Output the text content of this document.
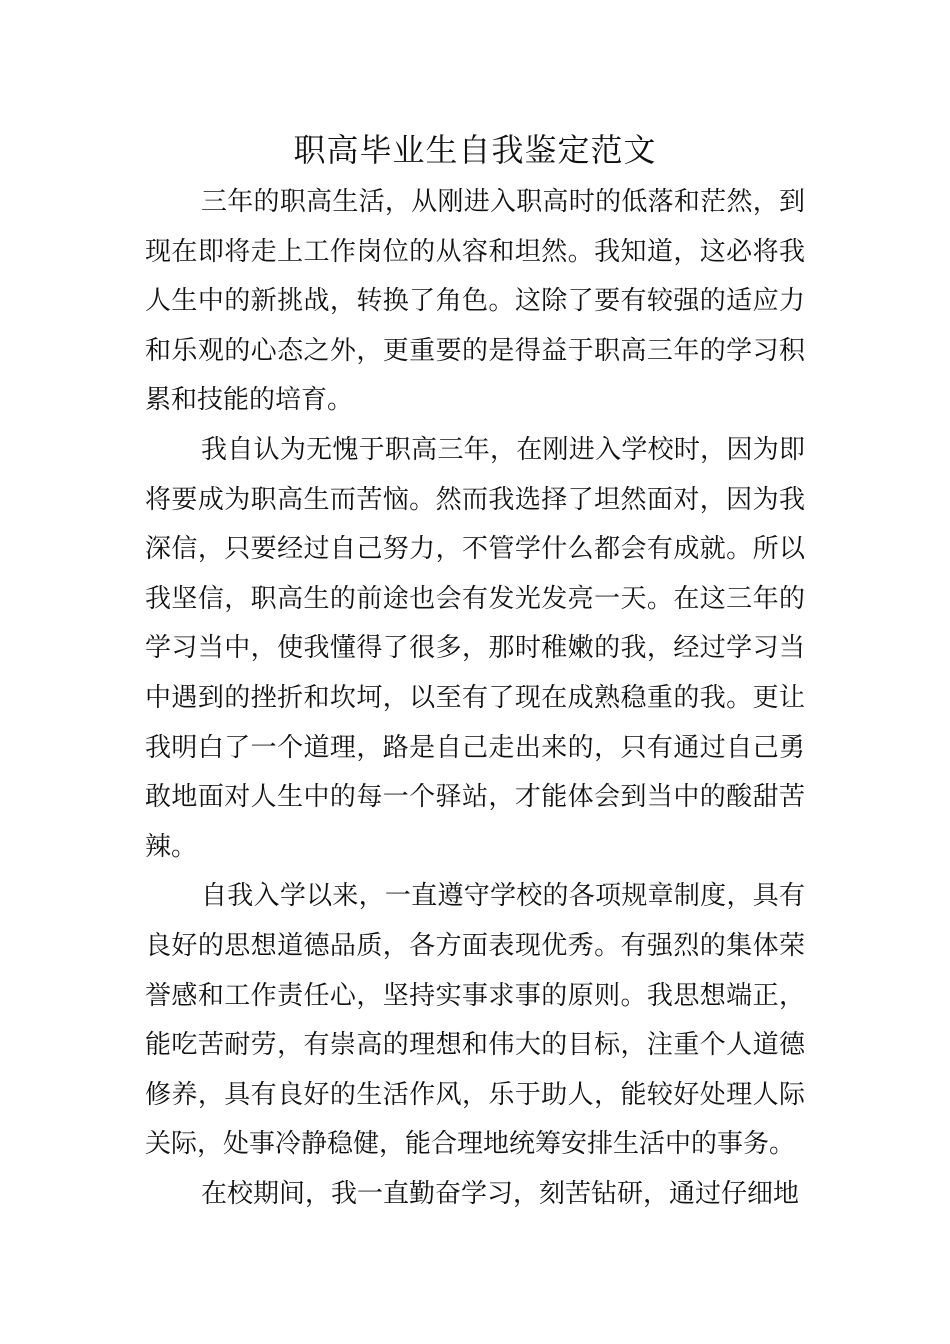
职高毕业生自我鉴定范文

三年的职高生活，从刚进入职高时的低落和茫然，到现在即将走上工作岗位的从容和坦然。我知道，这必将我人生中的新挑战，转换了角色。这除了要有较强的适应力和乐观的心态之外，更重要的是得益于职高三年的学习积累和技能的培育。

我自认为无愧于职高三年，在刚进入学校时，因为即将要成为职高生而苦恼。然而我选择了坦然面对，因为我深信，只要经过自己努力，不管学什么都会有成就。所以我坚信，职高生的前途也会有发光发亮一天。在这三年的学习当中，使我懂得了很多，那时稚嫩的我，经过学习当中遇到的挫折和坎坷，以至有了现在成熟稳重的我。更让我明白了一个道理，路是自己走出来的，只有通过自己勇敢地面对人生中的每一个驿站，才能体会到当中的酸甜苦辣。

自我入学以来，一直遵守学校的各项规章制度，具有良好的思想道德品质，各方面表现优秀。有强烈的集体荣誉感和工作责任心，坚持实事求事的原则。我思想端正，能吃苦耐劳，有崇高的理想和伟大的目标，注重个人道德修养，具有良好的生活作风，乐于助人，能较好处理人际关际，处事冷静稳健，能合理地统筹安排生活中的事务。

在校期间，我一直勤奋学习，刻苦钻研，通过仔细地
